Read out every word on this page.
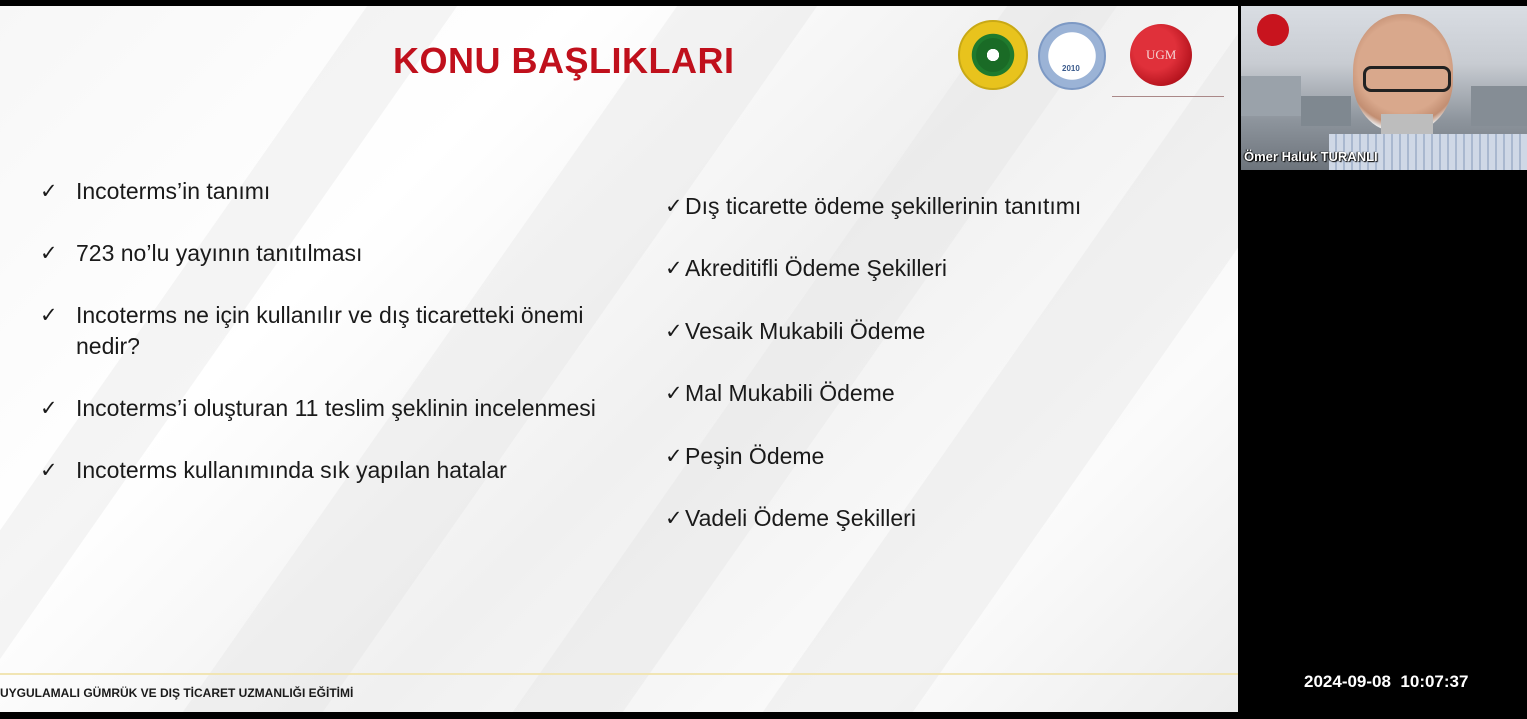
KONU BAŞLIKLARI	2010
UGM
✓ Incoterms’in tanımı
✓ 723 no’lu yayının tanıtılması
✓ Incoterms ne için kullanılır ve dış ticaretteki önemi nedir?
✓ Incoterms’i oluşturan 11 teslim şeklinin incelenmesi
✓ Incoterms kullanımında sık yapılan hatalar
✓ Dış ticarette ödeme şekillerinin tanıtımı
✓ Akreditifli Ödeme Şekilleri
✓ Vesaik Mukabili Ödeme
✓ Mal Mukabili Ödeme
✓ Peşin Ödeme
✓ Vadeli Ödeme Şekilleri
UYGULAMALI GÜMRÜK VE DIŞ TİCARET UZMANLIĞI EĞİTİMİ
Ömer Haluk TURANLI
2024-09-08  10:07:37
